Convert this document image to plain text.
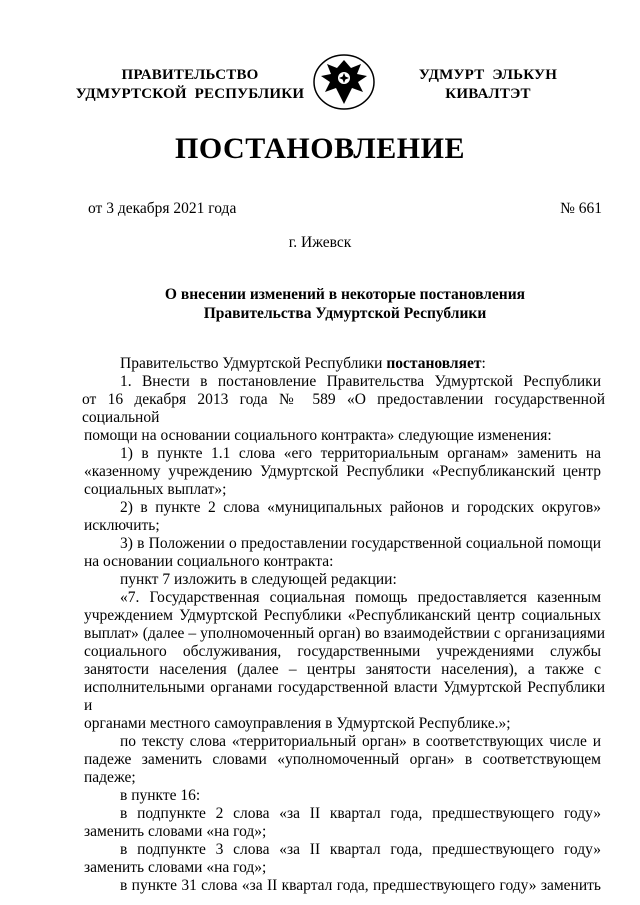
ПРАВИТЕЛЬСТВО
УДМУРТСКОЙ  РЕСПУБЛИКИ
УДМУРТ  ЭЛЬКУН
КИВАЛТЭТ
ПОСТАНОВЛЕНИЕ
от 3 декабря 2021 года	№ 661
г. Ижевск
О внесении изменений в некоторые постановления
Правительства Удмуртской Республики

Правительство Удмуртской Республики постановляет:

1. Внести в постановление Правительства Удмуртской Республики

от 16 декабря 2013 года № 589 «О предоставлении государственной социальной

помощи на основании социального контракта» следующие изменения:

1) в пункте 1.1 слова «его территориальным органам» заменить на

«казенному учреждению Удмуртской Республики «Республиканский центр

социальных выплат»;

2) в пункте 2 слова «муниципальных районов и городских округов»

исключить;

3) в Положении о предоставлении государственной социальной помощи

на основании социального контракта:

пункт 7 изложить в следующей редакции:

«7. Государственная социальная помощь предоставляется казенным

учреждением Удмуртской Республики «Республиканский центр социальных

выплат» (далее – уполномоченный орган) во взаимодействии с организациями

социального обслуживания, государственными учреждениями службы

занятости населения (далее – центры занятости населения), а также с

исполнительными органами государственной власти Удмуртской Республики и

органами местного самоуправления в Удмуртской Республике.»;

по тексту слова «территориальный орган» в соответствующих числе и

падеже заменить словами «уполномоченный орган» в соответствующем

падеже;

в пункте 16:

в подпункте 2 слова «за II квартал года, предшествующего году»

заменить словами «на год»;

в подпункте 3 слова «за II квартал года, предшествующего году»

заменить словами «на год»;

в пункте 31 слова «за II квартал года, предшествующего году» заменить
